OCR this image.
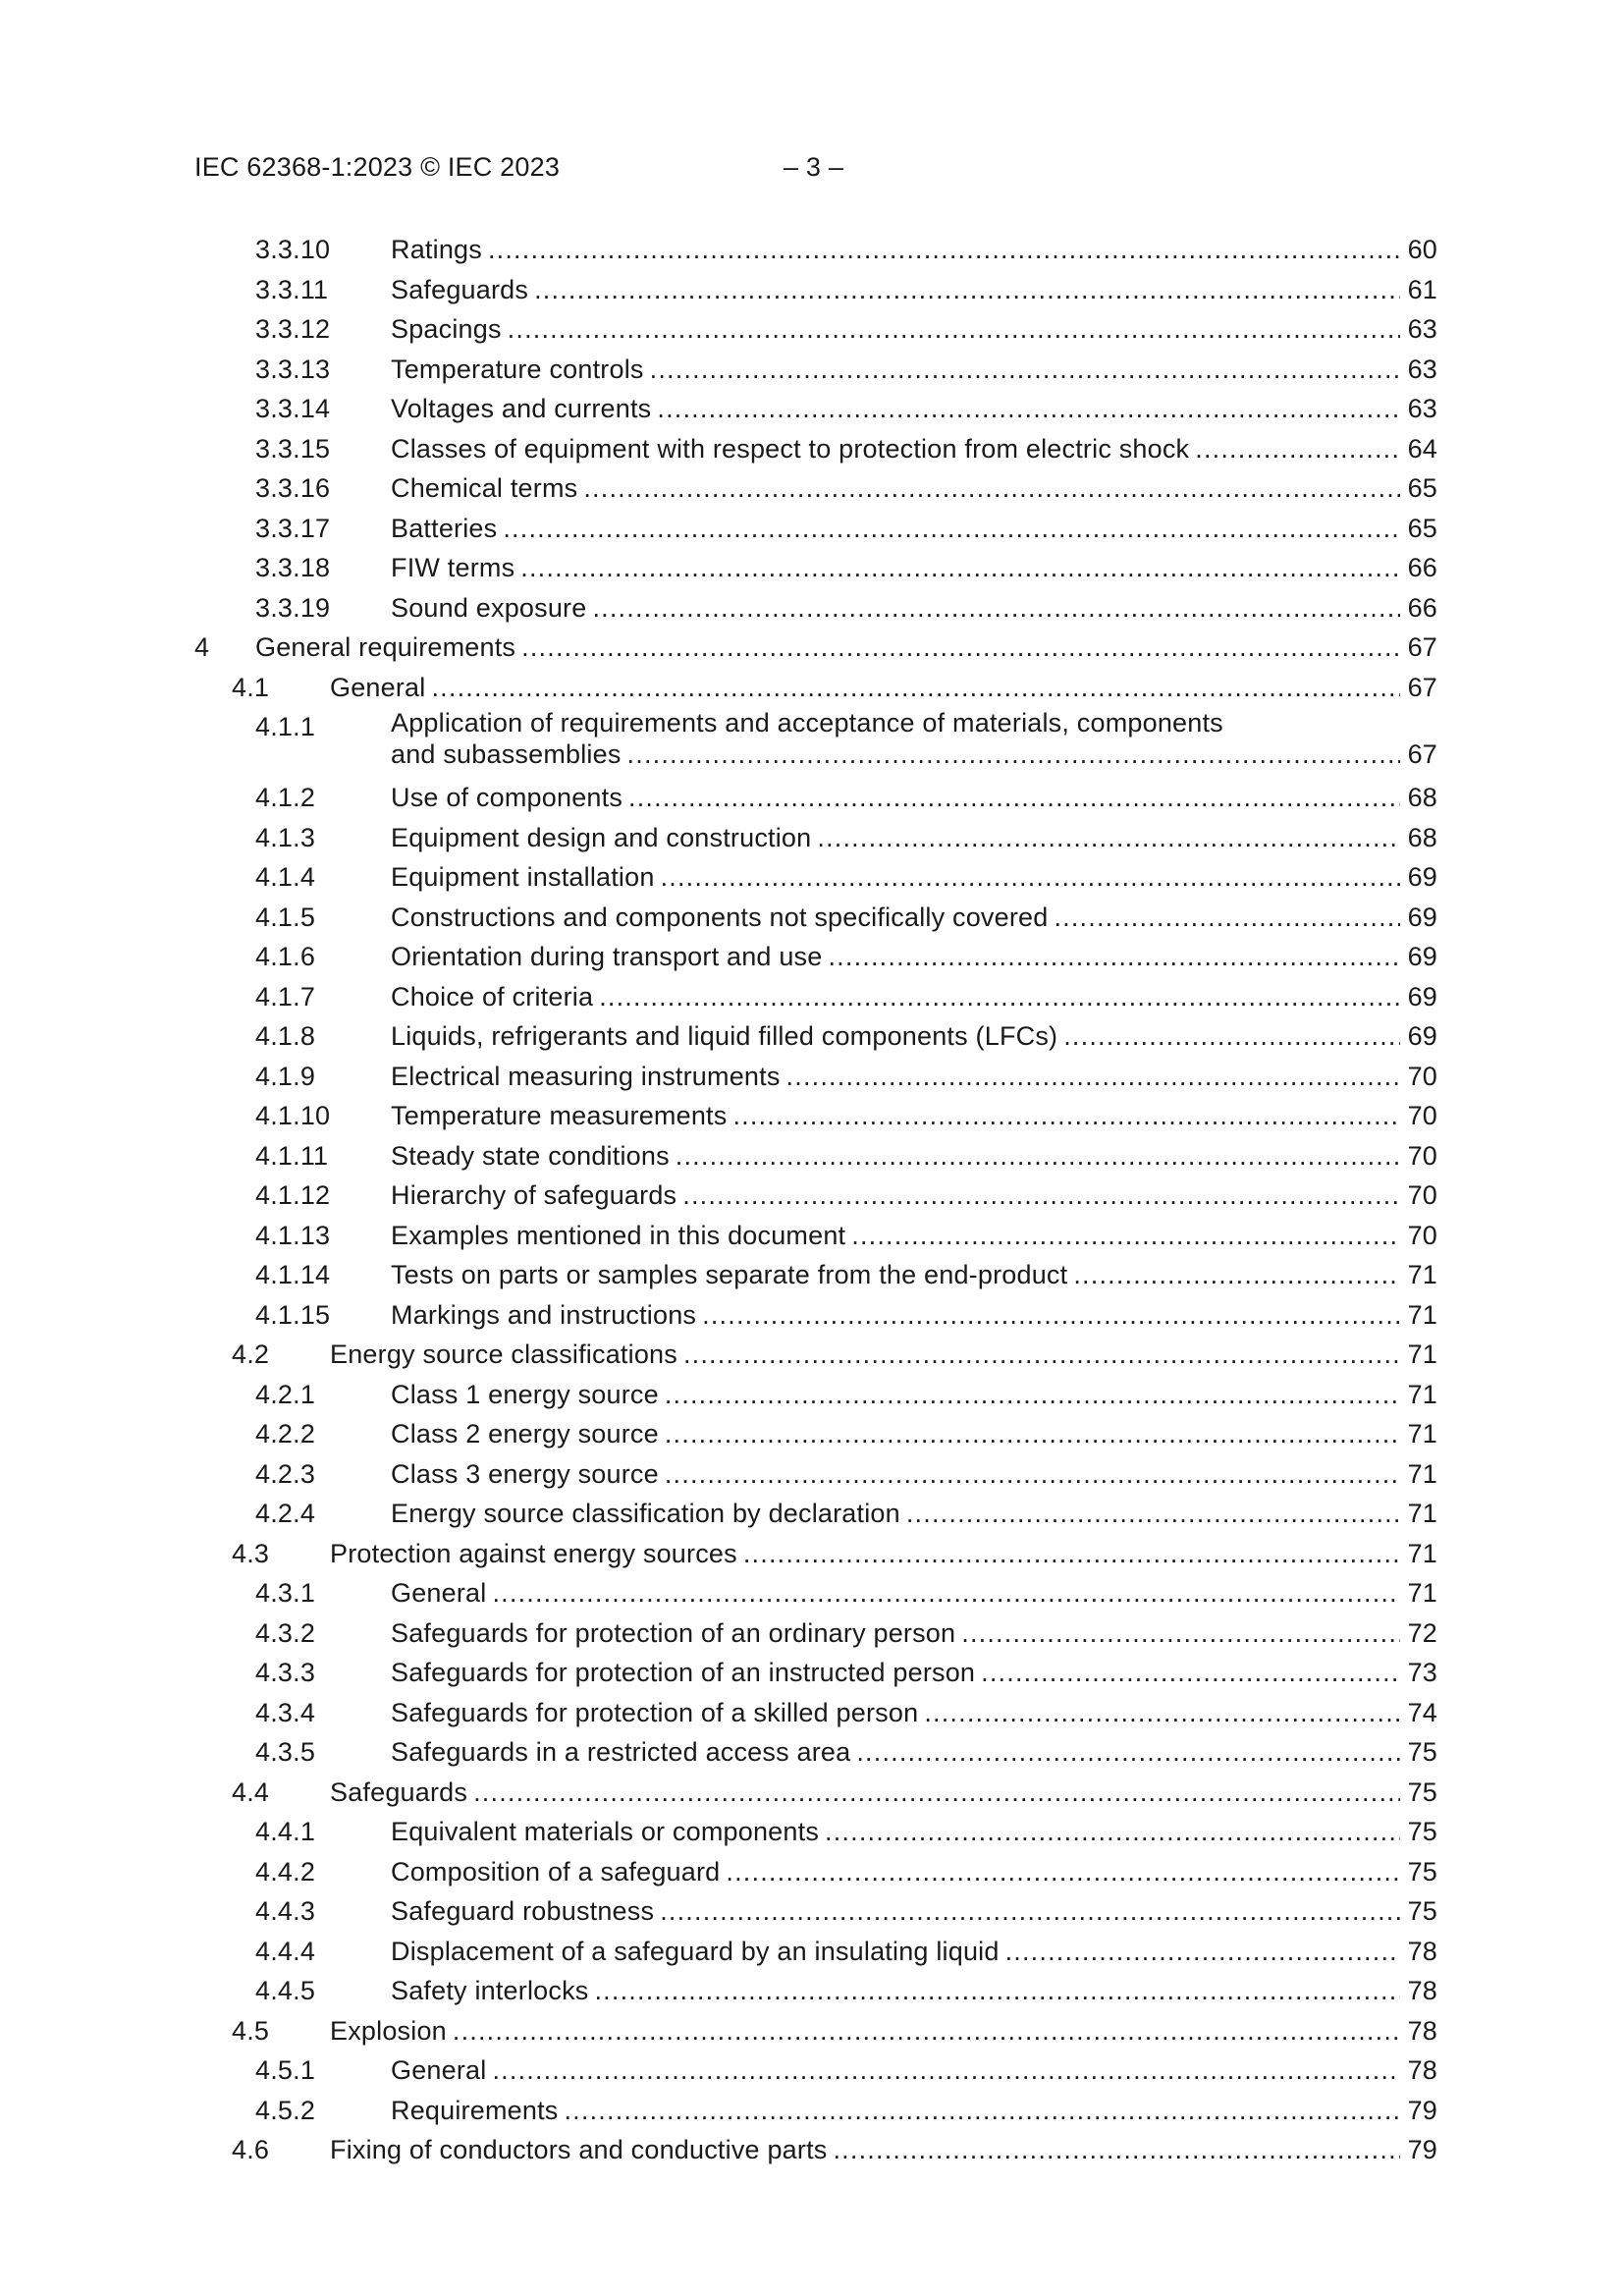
IEC 62368-1:2023 © IEC 2023	– 3 –
3.3.10 Ratings .....	60
3.3.11 Safeguards .....	61
3.3.12 Spacings .....	63
3.3.13 Temperature controls .....	63
3.3.14 Voltages and currents .....	63
3.3.15 Classes of equipment with respect to protection from electric shock .....	64
3.3.16 Chemical terms .....	65
3.3.17 Batteries .....	65
3.3.18 FIW terms .....	66
3.3.19 Sound exposure .....	66
4 General requirements .....	67
4.1 General .....	67
4.1.1	Application of requirements and acceptance of materials, components
and subassemblies .....	67
4.1.2	Use of components .....	68
4.1.3	Equipment design and construction .....	68
4.1.4	Equipment installation .....	69
4.1.5	Constructions and components not specifically covered .....	69
4.1.6	Orientation during transport and use .....	69
4.1.7	Choice of criteria .....	69
4.1.8	Liquids, refrigerants and liquid filled components (LFCs) .....	69
4.1.9	Electrical measuring instruments .....	70
4.1.10 Temperature measurements .....	70
4.1.11 Steady state conditions .....	70
4.1.12 Hierarchy of safeguards .....	70
4.1.13 Examples mentioned in this document .....	70
4.1.14 Tests on parts or samples separate from the end-product .....	71
4.1.15 Markings and instructions .....	71
4.2 Energy source classifications .....	71
4.2.1	Class 1 energy source .....	71
4.2.2	Class 2 energy source .....	71
4.2.3	Class 3 energy source .....	71
4.2.4	Energy source classification by declaration .....	71
4.3 Protection against energy sources .....	71
4.3.1	General .....	71
4.3.2	Safeguards for protection of an ordinary person .....	72
4.3.3	Safeguards for protection of an instructed person .....	73
4.3.4	Safeguards for protection of a skilled person .....	74
4.3.5	Safeguards in a restricted access area .....	75
4.4 Safeguards .....	75
4.4.1	Equivalent materials or components .....	75
4.4.2	Composition of a safeguard .....	75
4.4.3	Safeguard robustness .....	75
4.4.4	Displacement of a safeguard by an insulating liquid .....	78
4.4.5	Safety interlocks .....	78
4.5 Explosion .....	78
4.5.1	General .....	78
4.5.2	Requirements .....	79
4.6 Fixing of conductors and conductive parts .....	79
